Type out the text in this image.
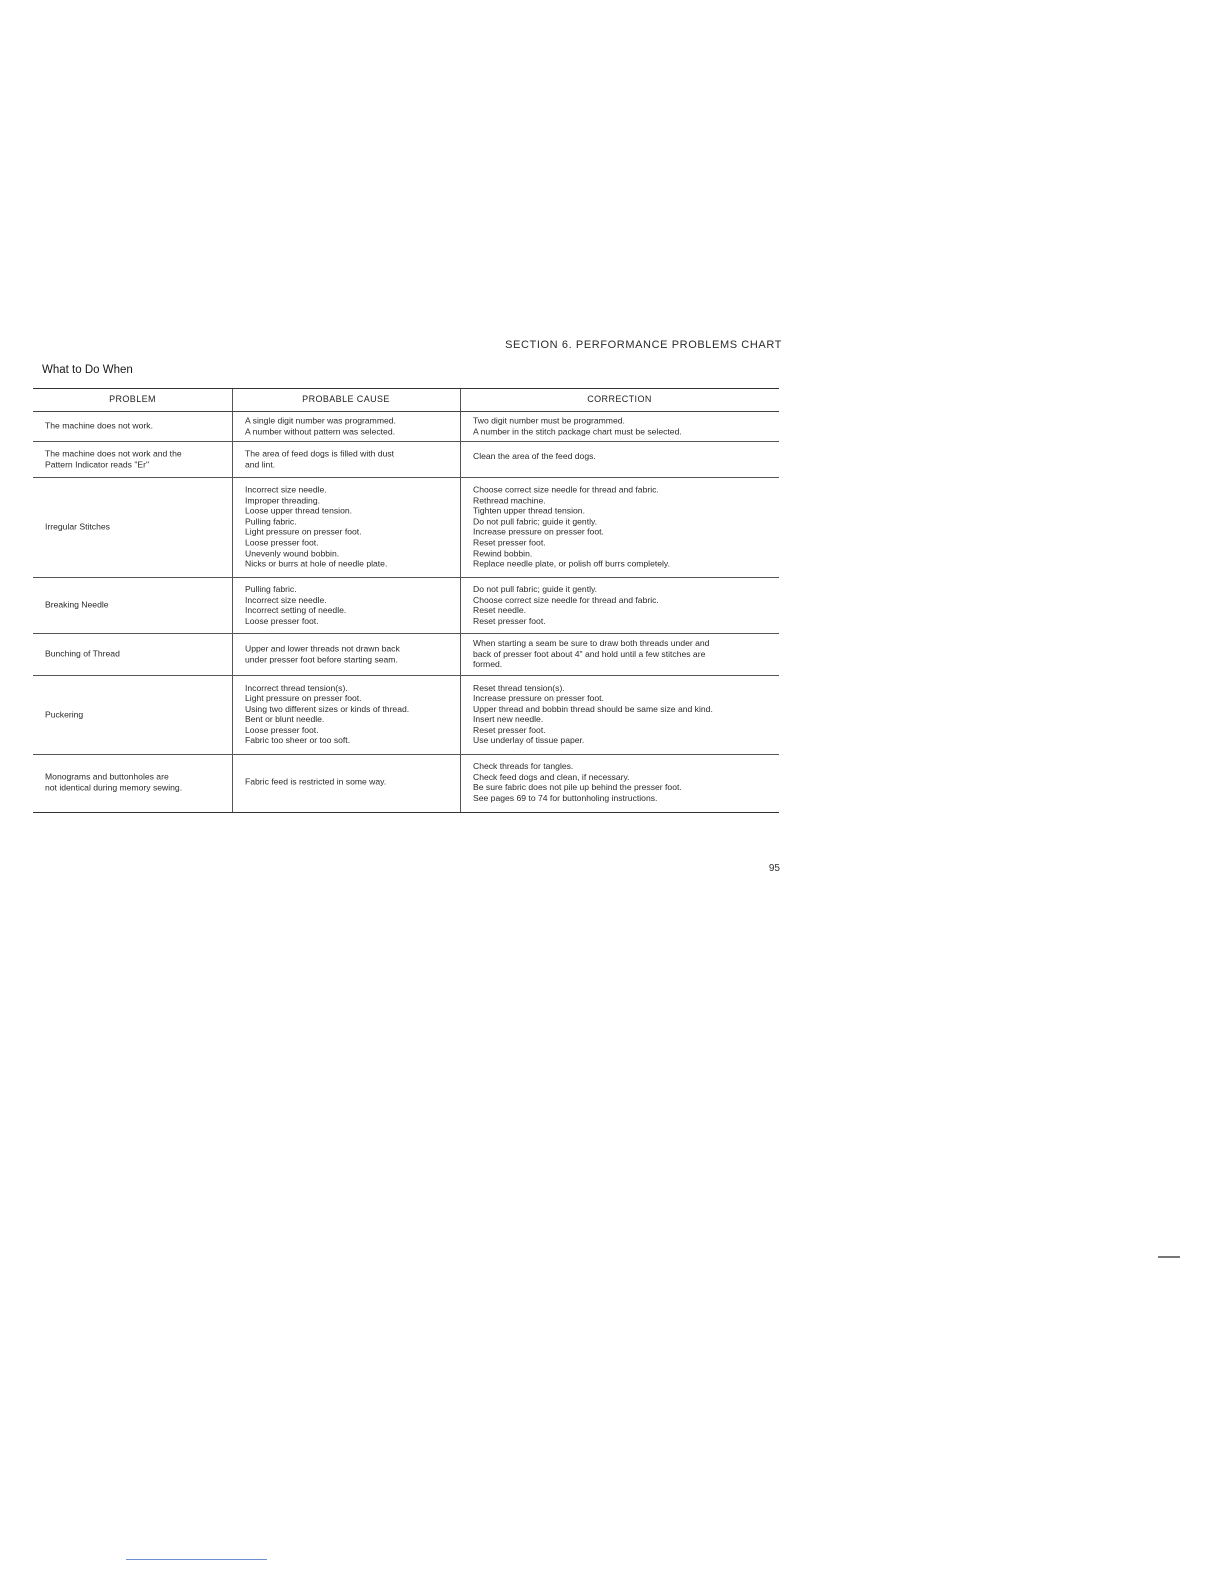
SECTION 6. PERFORMANCE PROBLEMS CHART
What to Do When
PROBLEM	PROBABLE CAUSE	CORRECTION
The machine does not work.
A single digit number was programmed.
A number without pattern was selected.
Two digit number must be programmed.
A number in the stitch package chart must be selected.
The machine does not work and the
Pattern Indicator reads "Er"
The area of feed dogs is filled with dust
and lint.
Clean the area of the feed dogs.
Irregular Stitches
Incorrect size needle.
Improper threading.
Loose upper thread tension.
Pulling fabric.
Light pressure on presser foot.
Loose presser foot.
Unevenly wound bobbin.
Nicks or burrs at hole of needle plate.
Choose correct size needle for thread and fabric.
Rethread machine.
Tighten upper thread tension.
Do not pull fabric; guide it gently.
Increase pressure on presser foot.
Reset presser foot.
Rewind bobbin.
Replace needle plate, or polish off burrs completely.
Breaking Needle
Pulling fabric.
Incorrect size needle.
Incorrect setting of needle.
Loose presser foot.
Do not pull fabric; guide it gently.
Choose correct size needle for thread and fabric.
Reset needle.
Reset presser foot.
Bunching of Thread
Upper and lower threads not drawn back
under presser foot before starting seam.
When starting a seam be sure to draw both threads under and
back of presser foot about 4" and hold until a few stitches are
formed.
Puckering
Incorrect thread tension(s).
Light pressure on presser foot.
Using two different sizes or kinds of thread.
Bent or blunt needle.
Loose presser foot.
Fabric too sheer or too soft.
Reset thread tension(s).
Increase pressure on presser foot.
Upper thread and bobbin thread should be same size and kind.
Insert new needle.
Reset presser foot.
Use underlay of tissue paper.
Monograms and buttonholes are
not identical during memory sewing.
Fabric feed is restricted in some way.
Check threads for tangles.
Check feed dogs and clean, if necessary.
Be sure fabric does not pile up behind the presser foot.
See pages 69 to 74 for buttonholing instructions.
95
